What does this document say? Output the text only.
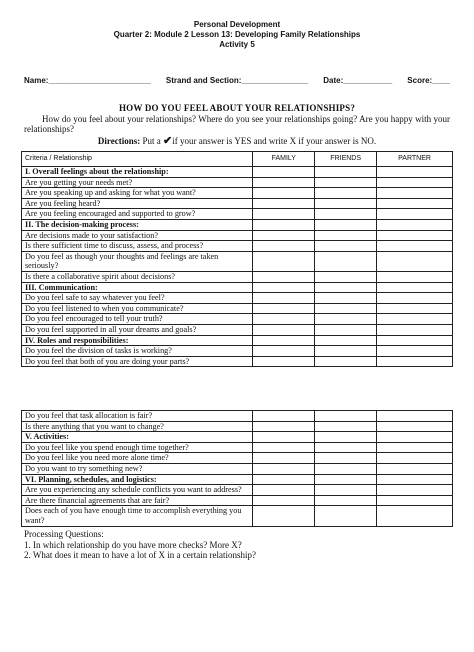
Personal Development
Quarter 2: Module 2 Lesson 13: Developing Family Relationships
Activity 5
Name:_______________________ Strand and Section:_______________ Date:___________ Score:____
HOW DO YOU FEEL ABOUT YOUR RELATIONSHIPS?
How do you feel about your relationships? Where do you see your relationships going? Are you happy with your relationships?
Directions: Put a ✔if your answer is YES and write X if your answer is NO.
Criteria / Relationship	FAMILY	FRIENDS	PARTNER
I. Overall feelings about the relationship:			
Are you getting your needs met?			
Are you speaking up and asking for what you want?			
Are you feeling heard?			
Are you feeling encouraged and supported to grow?			
II. The decision-making process:			
Are decisions made to your satisfaction?			
Is there sufficient time to discuss, assess, and process?			
Do you feel as though your thoughts and feelings are taken seriously?			
Is there a collaborative spirit about decisions?			
III. Communication:			
Do you feel safe to say whatever you feel?			
Do you feel listened to when you communicate?			
Do you feel encouraged to tell your truth?			
Do you feel supported in all your dreams and goals?			
IV. Roles and responsibilities:			
Do you feel the division of tasks is working?			
Do you feel that both of you are doing your parts?			
Do you feel that task allocation is fair?			
Is there anything that you want to change?			
V. Activities:			
Do you feel like you spend enough time together?			
Do you feel like you need more alone time?			
Do you want to try something new?			
VI. Planning, schedules, and logistics:			
Are you experiencing any schedule conflicts you want to address?			
Are there financial agreements that are fair?			
Does each of you have enough time to accomplish everything you want?			
Processing Questions:
1. In which relationship do you have more checks? More X?
2. What does it mean to have a lot of X in a certain relationship?
